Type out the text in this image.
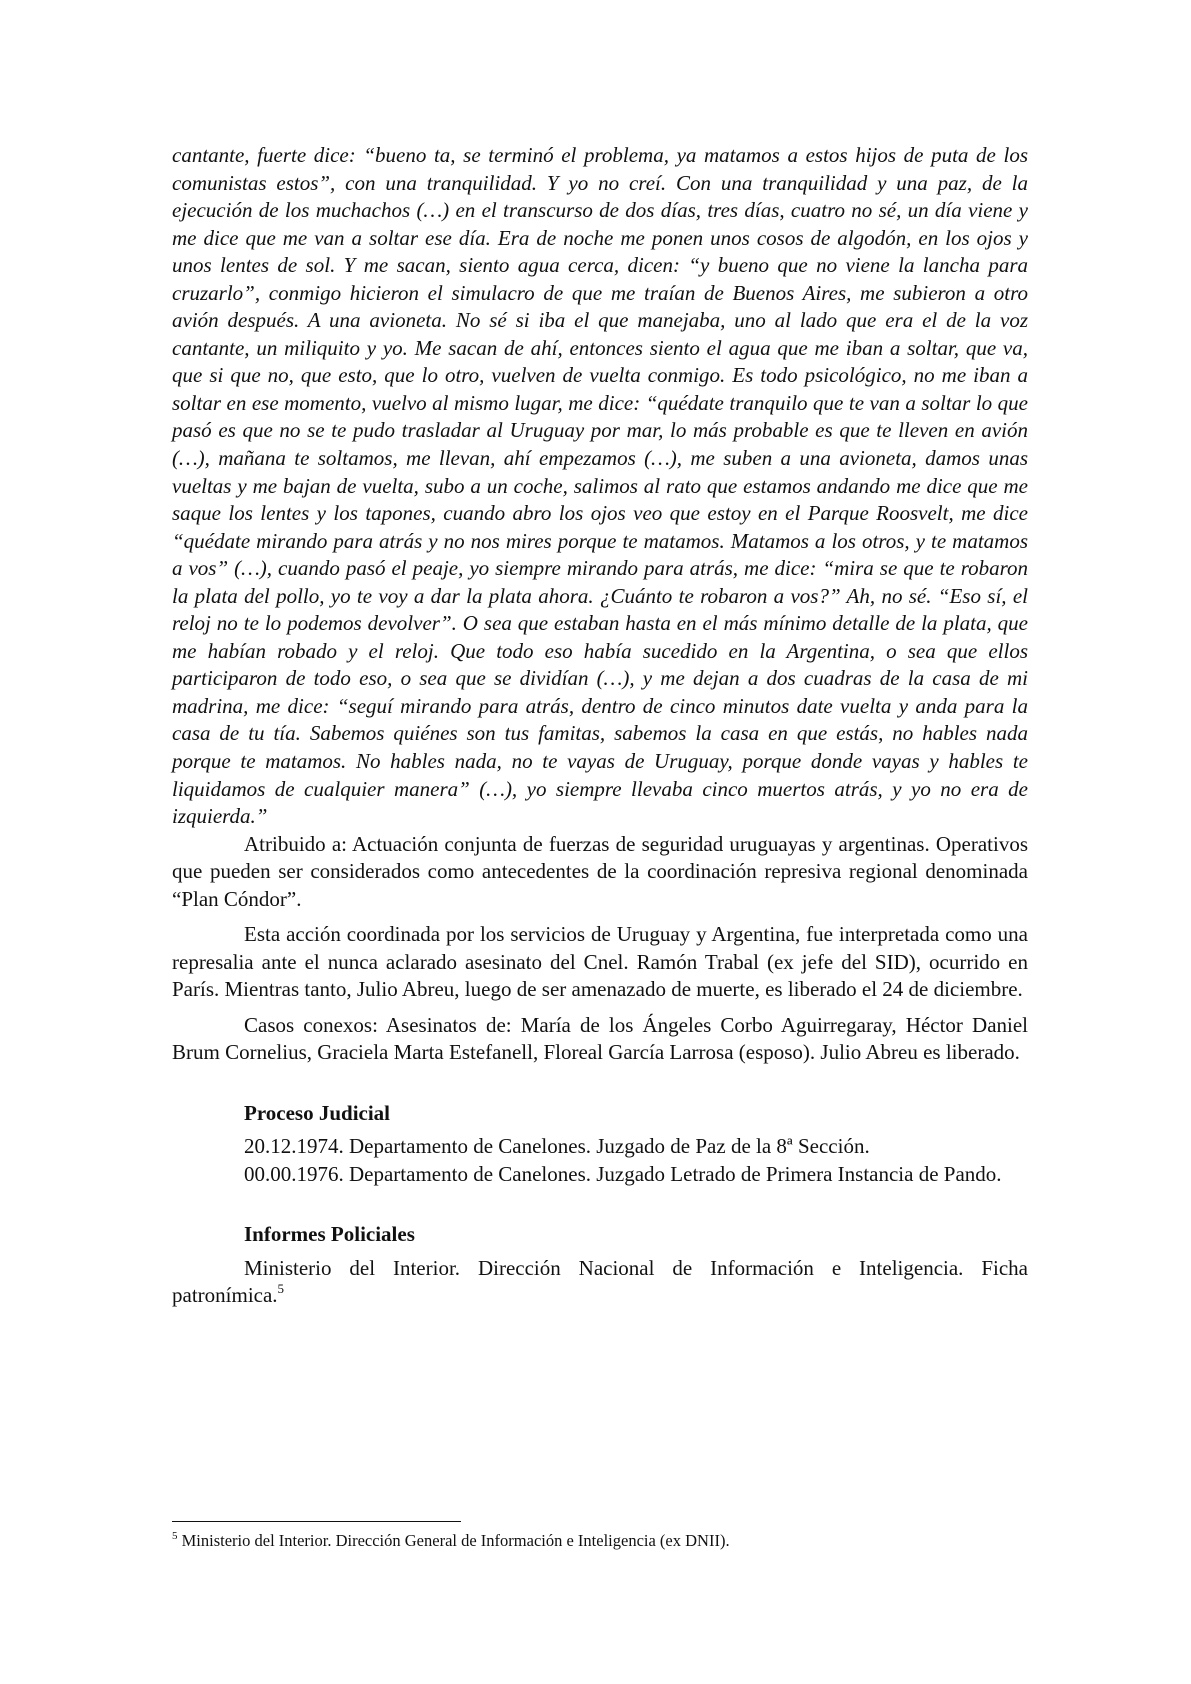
cantante, fuerte dice: “bueno ta, se terminó el problema, ya matamos a estos hijos de puta de los comunistas estos”, con una tranquilidad. Y yo no creí. Con una tranquilidad y una paz, de la ejecución de los muchachos (…) en el transcurso de dos días, tres días, cuatro no sé, un día viene y me dice que me van a soltar ese día. Era de noche me ponen unos cosos de algodón, en los ojos y unos lentes de sol. Y me sacan, siento agua cerca, dicen: “y bueno que no viene la lancha para cruzarlo”, conmigo hicieron el simulacro de que me traían de Buenos Aires, me subieron a otro avión después. A una avioneta. No sé si iba el que manejaba, uno al lado que era el de la voz cantante, un miliquito y yo. Me sacan de ahí, entonces siento el agua que me iban a soltar, que va, que si que no, que esto, que lo otro, vuelven de vuelta conmigo. Es todo psicológico, no me iban a soltar en ese momento, vuelvo al mismo lugar, me dice: “quédate tranquilo que te van a soltar lo que pasó es que no se te pudo trasladar al Uruguay por mar, lo más probable es que te lleven en avión (…), mañana te soltamos, me llevan, ahí empezamos (…), me suben a una avioneta, damos unas vueltas y me bajan de vuelta, subo a un coche, salimos al rato que estamos andando me dice que me saque los lentes y los tapones, cuando abro los ojos veo que estoy en el Parque Roosvelt, me dice “quédate mirando para atrás y no nos mires porque te matamos. Matamos a los otros, y te matamos a vos” (…), cuando pasó el peaje, yo siempre mirando para atrás, me dice: “mira se que te robaron la plata del pollo, yo te voy a dar la plata ahora. ¿Cuánto te robaron a vos?” Ah, no sé. “Eso sí, el reloj no te lo podemos devolver”. O sea que estaban hasta en el más mínimo detalle de la plata, que me habían robado y el reloj. Que todo eso había sucedido en la Argentina, o sea que ellos participaron de todo eso, o sea que se dividían (…), y me dejan a dos cuadras de la casa de mi madrina, me dice: “seguí mirando para atrás, dentro de cinco minutos date vuelta y anda para la casa de tu tía. Sabemos quiénes son tus famitas, sabemos la casa en que estás, no hables nada porque te matamos. No hables nada, no te vayas de Uruguay, porque donde vayas y hables te liquidamos de cualquier manera” (…), yo siempre llevaba cinco muertos atrás, y yo no era de izquierda.”

Atribuido a: Actuación conjunta de fuerzas de seguridad uruguayas y argentinas. Operativos que pueden ser considerados como antecedentes de la coordinación represiva regional denominada “Plan Cóndor”.

Esta acción coordinada por los servicios de Uruguay y Argentina, fue interpretada como una represalia ante el nunca aclarado asesinato del Cnel. Ramón Trabal (ex jefe del SID), ocurrido en París. Mientras tanto, Julio Abreu, luego de ser amenazado de muerte, es liberado el 24 de diciembre.

Casos conexos: Asesinatos de: María de los Ángeles Corbo Aguirregaray, Héctor Daniel Brum Cornelius, Graciela Marta Estefanell, Floreal García Larrosa (esposo). Julio Abreu es liberado.

Proceso Judicial

20.12.1974. Departamento de Canelones. Juzgado de Paz de la 8ª Sección.

00.00.1976. Departamento de Canelones. Juzgado Letrado de Primera Instancia de Pando.

Informes Policiales

Ministerio del Interior. Dirección Nacional de Información e Inteligencia. Ficha patronímica.$^5$

$^5$ Ministerio del Interior. Dirección General de Información e Inteligencia (ex DNII).
